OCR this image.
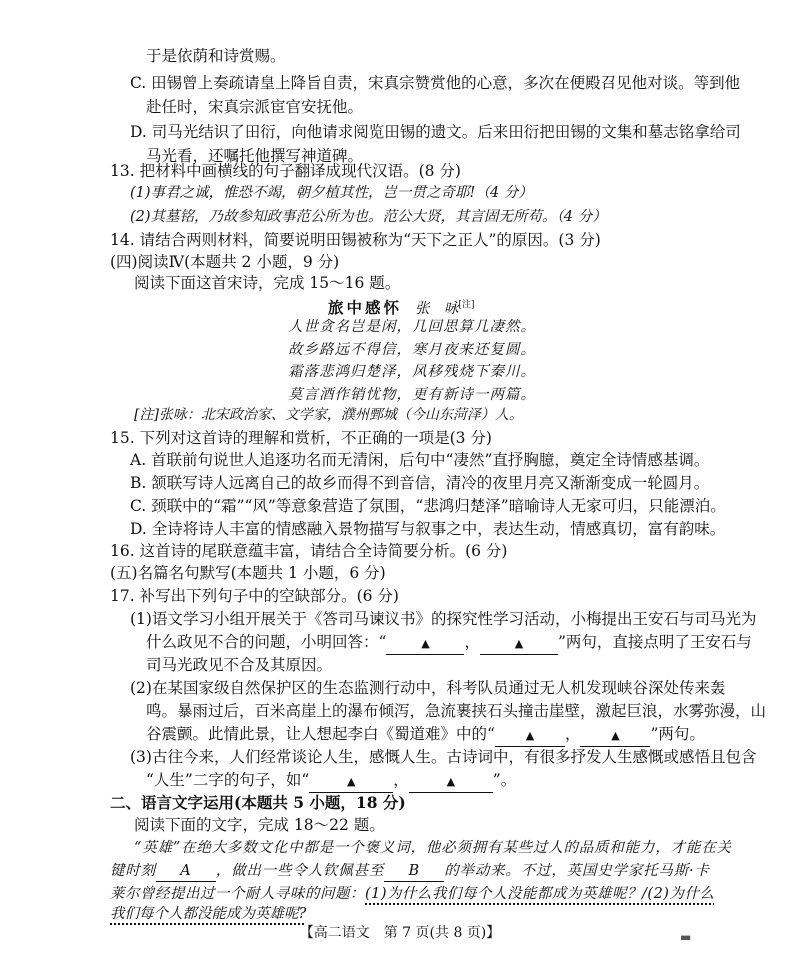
于是依荫和诗赏赐。
C. 田锡曾上奏疏请皇上降旨自责，宋真宗赞赏他的心意，多次在便殿召见他对谈。等到他
赴任时，宋真宗派宦官安抚他。
D. 司马光结识了田衍，向他请求阅览田锡的遗文。后来田衍把田锡的文集和墓志铭拿给司
马光看，还嘱托他撰写神道碑。
13. 把材料中画横线的句子翻译成现代汉语。(8 分)
(1)事君之诚，惟恐不竭，朝夕植其性，岂一贯之奇耶!（4 分）
(2)其墓铭，乃故参知政事范公所为也。范公大贤，其言固无所苟。（4 分）
14. 请结合两则材料，简要说明田锡被称为“天下之正人”的原因。(3 分)
(四)阅读Ⅳ(本题共 2 小题，9 分)
阅读下面这首宋诗，完成 15～16 题。
旅中感怀 张　咏[注]
人世贪名岂是闲，几回思算几凄然。
故乡路远不得信，寒月夜来还复圆。
霜落悲鸿归楚泽，风移残烧下秦川。
莫言酒作销忧物，更有新诗一两篇。
[注]张咏：北宋政治家、文学家，濮州鄄城（今山东菏泽）人。
15. 下列对这首诗的理解和赏析，不正确的一项是(3 分)
A. 首联前句说世人追逐功名而无清闲，后句中“凄然”直抒胸臆，奠定全诗情感基调。
B. 颔联写诗人远离自己的故乡而得不到音信，清冷的夜里月亮又渐渐变成一轮圆月。
C. 颈联中的“霜”“风”等意象营造了氛围，“悲鸿归楚泽”暗喻诗人无家可归，只能漂泊。
D. 全诗将诗人丰富的情感融入景物描写与叙事之中，表达生动，情感真切，富有韵味。
16. 这首诗的尾联意蕴丰富，请结合全诗简要分析。(6 分)
(五)名篇名句默写(本题共 1 小题，6 分)
17. 补写出下列句子中的空缺部分。(6 分)
(1)语文学习小组开展关于《答司马谏议书》的探究性学习活动，小梅提出王安石与司马光为
什么政见不合的问题，小明回答：“	▲ ，	▲ ”两句，直接点明了王安石与
司马光政见不合及其原因。
(2)在某国家级自然保护区的生态监测行动中，科考队员通过无人机发现峡谷深处传来轰
鸣。暴雨过后，百米高崖上的瀑布倾泻，急流裹挟石头撞击崖壁，激起巨浪，水雾弥漫，山
谷震颤。此情此景，让人想起李白《蜀道难》中的“	▲ ，	▲ ”两句。
(3)古往今来，人们经常谈论人生，感慨人生。古诗词中，有很多抒发人生感慨或感悟且包含
“人生”二字的句子，如“	▲ ，	▲ ”。
二、语言文字运用(本题共 5 小题，18 分)
阅读下面的文字，完成 18～22 题。
“英雄”在绝大多数文化中都是一个褒义词，他必须拥有某些过人的品质和能力，才能在关
键时刻 A ，做出一些令人钦佩甚至 B 的举动来。不过，英国史学家托马斯·卡
莱尔曾经提出过一个耐人寻味的问题：(1)为什么我们每个人没能都成为英雄呢？/(2)为什么
我们每个人都没能成为英雄呢?
【高二语文　第 7 页(共 8 页)】	▬
